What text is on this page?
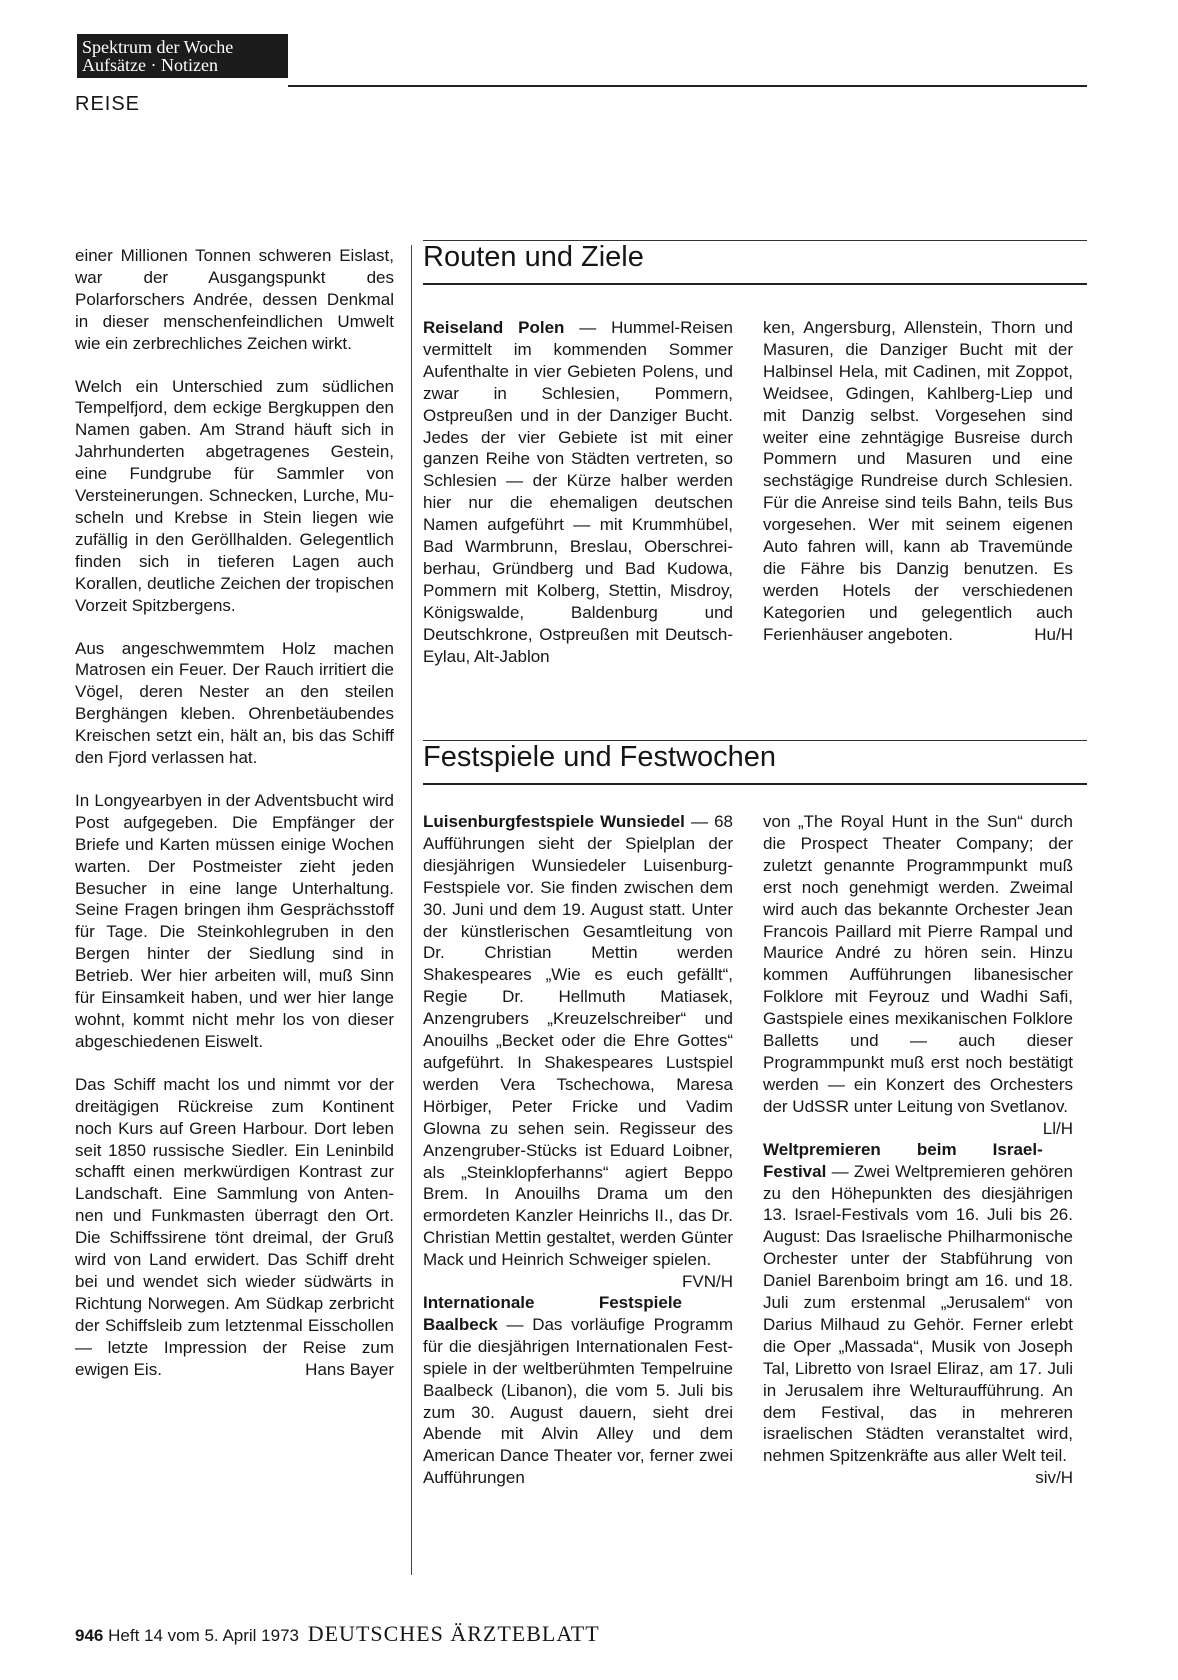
Spektrum der Woche
Aufsätze · Notizen
REISE

einer Millionen Tonnen schweren Eislast, war der Ausgangspunkt des Polarforschers Andrée, dessen Denkmal in dieser menschenfeindlichen Umwelt wie ein zerbrechliches Zeichen wirkt.

Welch ein Unterschied zum südlichen Tempelfjord, dem eckige Bergkuppen den Namen gaben. Am Strand häuft sich in Jahrhunderten abgetragenes Gestein, eine Fundgrube für Sammler von Versteinerungen. Schnecken, Lurche, Muscheln und Krebse in Stein liegen wie zufällig in den Geröllhalden. Gelegentlich finden sich in tieferen Lagen auch Korallen, deutliche Zeichen der tropischen Vorzeit Spitzbergens.

Aus angeschwemmtem Holz machen Matrosen ein Feuer. Der Rauch irritiert die Vögel, deren Nester an den steilen Berghängen kleben. Ohrenbetäubendes Kreischen setzt ein, hält an, bis das Schiff den Fjord verlassen hat.

In Longyearbyen in der Adventsbucht wird Post aufgegeben. Die Empfänger der Briefe und Karten müssen einige Wochen warten. Der Postmeister zieht jeden Besucher in eine lange Unterhaltung. Seine Fragen bringen ihm Gesprächsstoff für Tage. Die Steinkohlegruben in den Bergen hinter der Siedlung sind in Betrieb. Wer hier arbeiten will, muß Sinn für Einsamkeit haben, und wer hier lange wohnt, kommt nicht mehr los von dieser abgeschiedenen Eiswelt.

Das Schiff macht los und nimmt vor der dreitägigen Rückreise zum Kontinent noch Kurs auf Green Harbour. Dort leben seit 1850 russische Siedler. Ein Leninbild schafft einen merkwürdigen Kontrast zur Landschaft. Eine Sammlung von Antennen und Funkmasten überragt den Ort. Die Schiffssirene tönt dreimal, der Gruß wird von Land erwidert. Das Schiff dreht bei und wendet sich wieder südwärts in Richtung Norwegen. Am Südkap zerbricht der Schiffsleib zum letztenmal Eisschollen — letzte Impression der Reise zum ewigen Eis.	Hans Bayer

Routen und Ziele

Reiseland Polen — Hummel-Reisen vermittelt im kommenden Sommer Aufenthalte in vier Gebieten Polens, und zwar in Schlesien, Pommern, Ostpreußen und in der Danziger Bucht. Jedes der vier Gebiete ist mit einer ganzen Reihe von Städten vertreten, so Schlesien — der Kürze halber werden hier nur die ehemaligen deutschen Namen aufgeführt — mit Krummhübel, Bad Warmbrunn, Breslau, Oberschreiberhau, Gründberg und Bad Kudowa, Pommern mit Kolberg, Stettin, Misdroy, Königswalde, Baldenburg und Deutschkrone, Ostpreußen mit Deutsch-Eylau, Alt-Jablon

ken, Angersburg, Allenstein, Thorn und Masuren, die Danziger Bucht mit der Halbinsel Hela, mit Cadinen, mit Zoppot, Weidsee, Gdingen, Kahlberg-Liep und mit Danzig selbst. Vorgesehen sind weiter eine zehntägige Busreise durch Pommern und Masuren und eine sechstägige Rundreise durch Schlesien. Für die Anreise sind teils Bahn, teils Bus vorgesehen. Wer mit seinem eigenen Auto fahren will, kann ab Travemünde die Fähre bis Danzig benutzen. Es werden Hotels der verschiedenen Kategorien und gelegentlich auch Ferienhäuser angeboten.	Hu/H

Festspiele und Festwochen

Luisenburgfestspiele Wunsiedel — 68 Aufführungen sieht der Spielplan der diesjährigen Wunsiedeler Luisenburg-Festspiele vor. Sie finden zwischen dem 30. Juni und dem 19. August statt. Unter der künstlerischen Gesamtleitung von Dr. Christian Mettin werden Shakespeares „Wie es euch gefällt“, Regie Dr. Hellmuth Matiasek, Anzengrubers „Kreuzelschreiber“ und Anouilhs „Becket oder die Ehre Gottes“ aufgeführt. In Shakespeares Lustspiel werden Vera Tschechowa, Maresa Hörbiger, Peter Fricke und Vadim Glowna zu sehen sein. Regisseur des Anzengruber-Stücks ist Eduard Loibner, als „Steinklopferhanns“ agiert Beppo Brem. In Anouilhs Drama um den ermordeten Kanzler Heinrichs II., das Dr. Christian Mettin gestaltet, werden Günter Mack und Heinrich Schweiger spielen.
FVN/H

Internationale Festspiele Baalbeck — Das vorläufige Programm für die diesjährigen Internationalen Festspiele in der weltberühmten Tempelruine Baalbeck (Libanon), die vom 5. Juli bis zum 30. August dauern, sieht drei Abende mit Alvin Alley und dem American Dance Theater vor, ferner zwei Aufführungen

von „The Royal Hunt in the Sun“ durch die Prospect Theater Company; der zuletzt genannte Programmpunkt muß erst noch genehmigt werden. Zweimal wird auch das bekannte Orchester Jean Francois Paillard mit Pierre Rampal und Maurice André zu hören sein. Hinzu kommen Aufführungen libanesischer Folklore mit Feyrouz und Wadhi Safi, Gastspiele eines mexikanischen Folklore Balletts und — auch dieser Programmpunkt muß erst noch bestätigt werden — ein Konzert des Orchesters der UdSSR unter Leitung von Svetlanov.
Ll/H

Weltpremieren beim Israel-Festival — Zwei Weltpremieren gehören zu den Höhepunkten des diesjährigen 13. Israel-Festivals vom 16. Juli bis 26. August: Das Israelische Philharmonische Orchester unter der Stabführung von Daniel Barenboim bringt am 16. und 18. Juli zum erstenmal „Jerusalem“ von Darius Milhaud zu Gehör. Ferner erlebt die Oper „Massada“, Musik von Joseph Tal, Libretto von Israel Eliraz, am 17. Juli in Jerusalem ihre Welturaufführung. An dem Festival, das in mehreren israelischen Städten veranstaltet wird, nehmen Spitzenkräfte aus aller Welt teil.
siv/H

946 Heft 14 vom 5. April 1973 DEUTSCHES ÄRZTEBLATT
